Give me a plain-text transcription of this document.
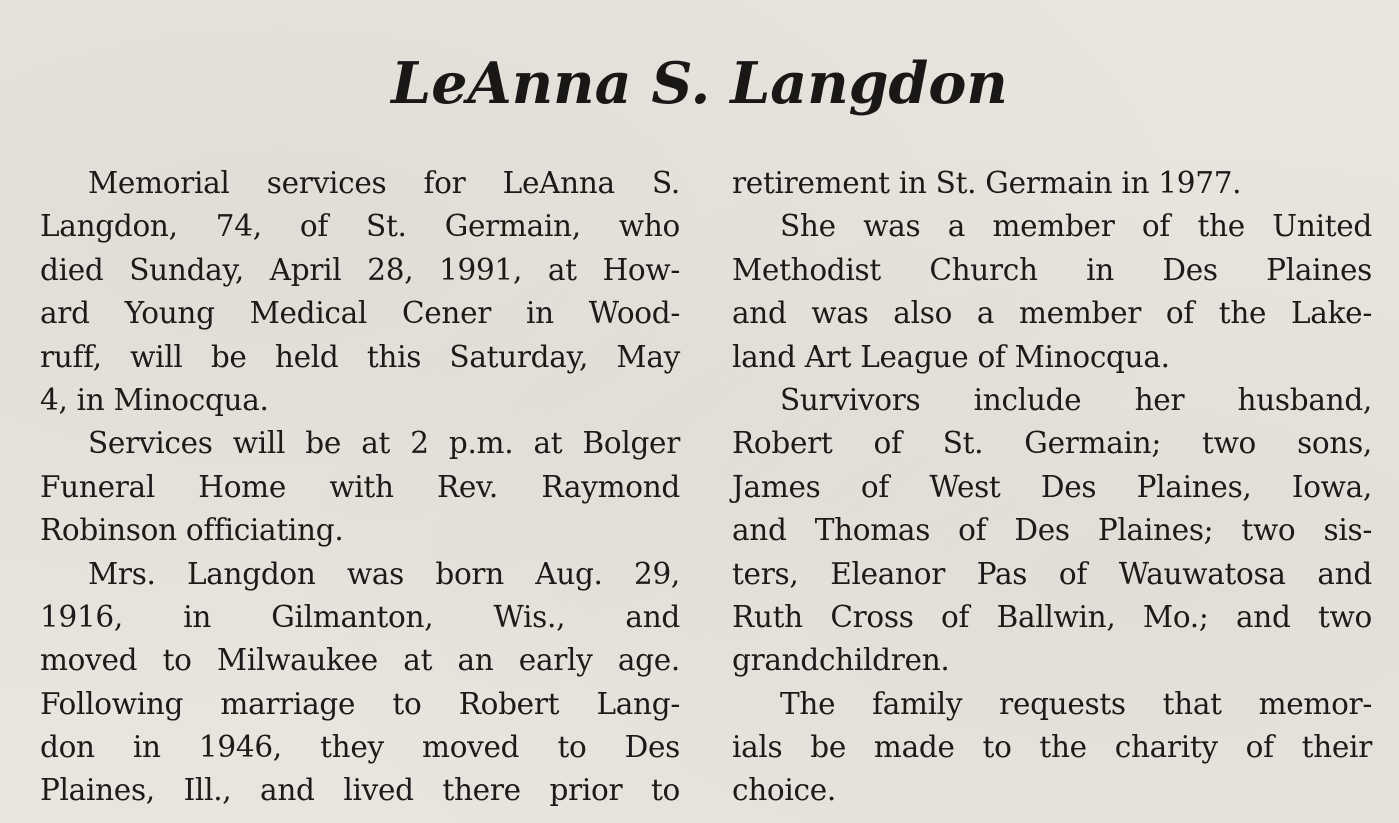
LeAnna S. Langdon
Memorial services for LeAnna S.
Langdon, 74, of St. Germain, who
died Sunday, April 28, 1991, at How-
ard Young Medical Cener in Wood-
ruff, will be held this Saturday, May
4, in Minocqua.
Services will be at 2 p.m. at Bolger
Funeral Home with Rev. Raymond
Robinson officiating.
Mrs. Langdon was born Aug. 29,
1916, in Gilmanton, Wis., and
moved to Milwaukee at an early age.
Following marriage to Robert Lang-
don in 1946, they moved to Des
Plaines, Ill., and lived there prior to
retirement in St. Germain in 1977.
She was a member of the United
Methodist Church in Des Plaines
and was also a member of the Lake-
land Art League of Minocqua.
Survivors include her husband,
Robert of St. Germain; two sons,
James of West Des Plaines, Iowa,
and Thomas of Des Plaines; two sis-
ters, Eleanor Pas of Wauwatosa and
Ruth Cross of Ballwin, Mo.; and two
grandchildren.
The family requests that memor-
ials be made to the charity of their
choice.
